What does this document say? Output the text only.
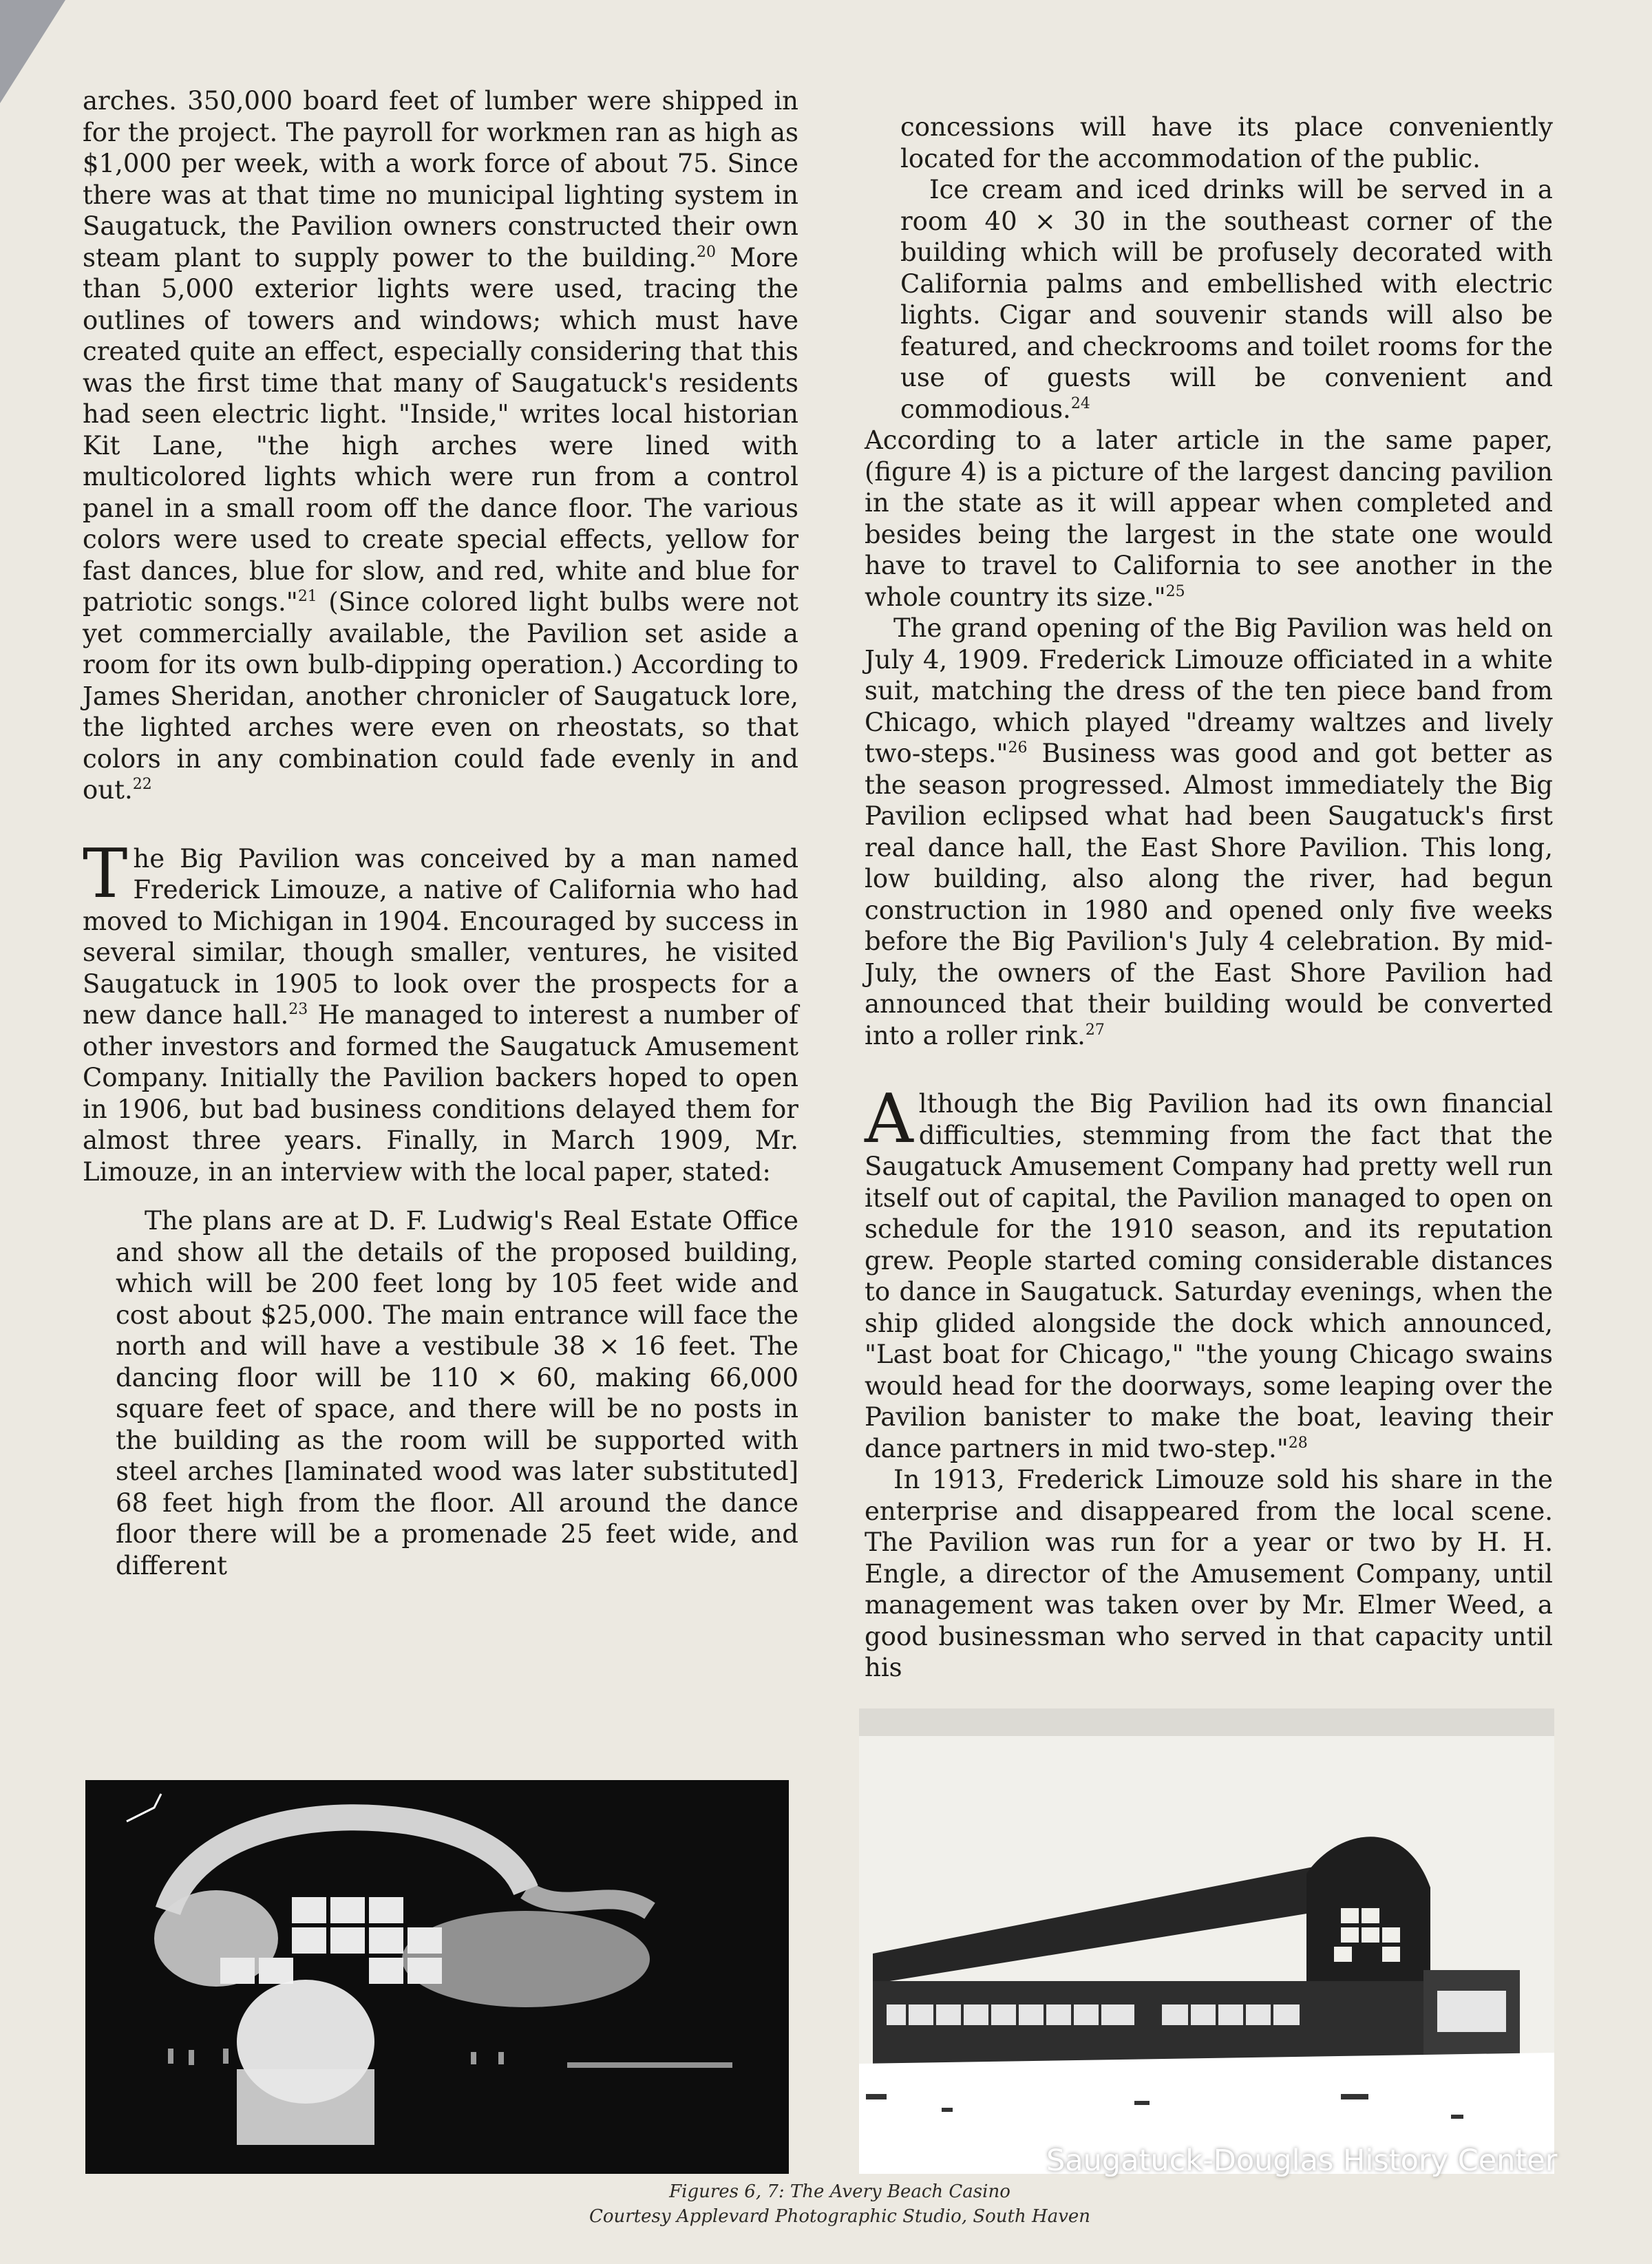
arches. 350,000 board feet of lumber were shipped in for the project. The payroll for workmen ran as high as $1,000 per week, with a work force of about 75. Since there was at that time no municipal lighting system in Saugatuck, the Pavilion owners constructed their own steam plant to supply power to the building.$^{20}$ More than 5,000 exterior lights were used, tracing the outlines of towers and windows; which must have created quite an effect, especially considering that this was the first time that many of Saugatuck's residents had seen electric light. "Inside," writes local historian Kit Lane, "the high arches were lined with multicolored lights which were run from a control panel in a small room off the dance floor. The various colors were used to create special effects, yellow for fast dances, blue for slow, and red, white and blue for patriotic songs."$^{21}$ (Since colored light bulbs were not yet commercially available, the Pavilion set aside a room for its own bulb-dipping operation.) According to James Sheridan, another chronicler of Saugatuck lore, the lighted arches were even on rheostats, so that colors in any combination could fade evenly in and out.$^{22}$

The Big Pavilion was conceived by a man named Frederick Limouze, a native of California who had moved to Michigan in 1904. Encouraged by success in several similar, though smaller, ventures, he visited Saugatuck in 1905 to look over the prospects for a new dance hall.$^{23}$ He managed to interest a number of other investors and formed the Saugatuck Amusement Company. Initially the Pavilion backers hoped to open in 1906, but bad business conditions delayed them for almost three years. Finally, in March 1909, Mr. Limouze, in an interview with the local paper, stated:

The plans are at D. F. Ludwig's Real Estate Office and show all the details of the proposed building, which will be 200 feet long by 105 feet wide and cost about $25,000. The main entrance will face the north and will have a vestibule 38 × 16 feet. The dancing floor will be 110 × 60, making 66,000 square feet of space, and there will be no posts in the building as the room will be supported with steel arches [laminated wood was later substituted] 68 feet high from the floor. All around the dance floor there will be a promenade 25 feet wide, and different

concessions will have its place conveniently located for the accommodation of the public.

Ice cream and iced drinks will be served in a room 40 × 30 in the southeast corner of the building which will be profusely decorated with California palms and embellished with electric lights. Cigar and souvenir stands will also be featured, and checkrooms and toilet rooms for the use of guests will be convenient and commodious.$^{24}$

According to a later article in the same paper, (figure 4) is a picture of the largest dancing pavilion in the state as it will appear when completed and besides being the largest in the state one would have to travel to California to see another in the whole country its size."$^{25}$

The grand opening of the Big Pavilion was held on July 4, 1909. Frederick Limouze officiated in a white suit, matching the dress of the ten piece band from Chicago, which played "dreamy waltzes and lively two-steps."$^{26}$ Business was good and got better as the season progressed. Almost immediately the Big Pavilion eclipsed what had been Saugatuck's first real dance hall, the East Shore Pavilion. This long, low building, also along the river, had begun construction in 1980 and opened only five weeks before the Big Pavilion's July 4 celebration. By mid-July, the owners of the East Shore Pavilion had announced that their building would be converted into a roller rink.$^{27}$

Although the Big Pavilion had its own financial difficulties, stemming from the fact that the Saugatuck Amusement Company had pretty well run itself out of capital, the Pavilion managed to open on schedule for the 1910 season, and its reputation grew. People started coming considerable distances to dance in Saugatuck. Saturday evenings, when the ship glided alongside the dock which announced, "Last boat for Chicago," "the young Chicago swains would head for the doorways, some leaping over the Pavilion banister to make the boat, leaving their dance partners in mid two-step."$^{28}$

In 1913, Frederick Limouze sold his share in the enterprise and disappeared from the local scene. The Pavilion was run for a year or two by H. H. Engle, a director of the Amusement Company, until management was taken over by Mr. Elmer Weed, a good businessman who served in that capacity until his

Figures 6, 7: The Avery Beach Casino
Courtesy Applevard Photographic Studio, South Haven
Saugatuck-Douglas History Center
